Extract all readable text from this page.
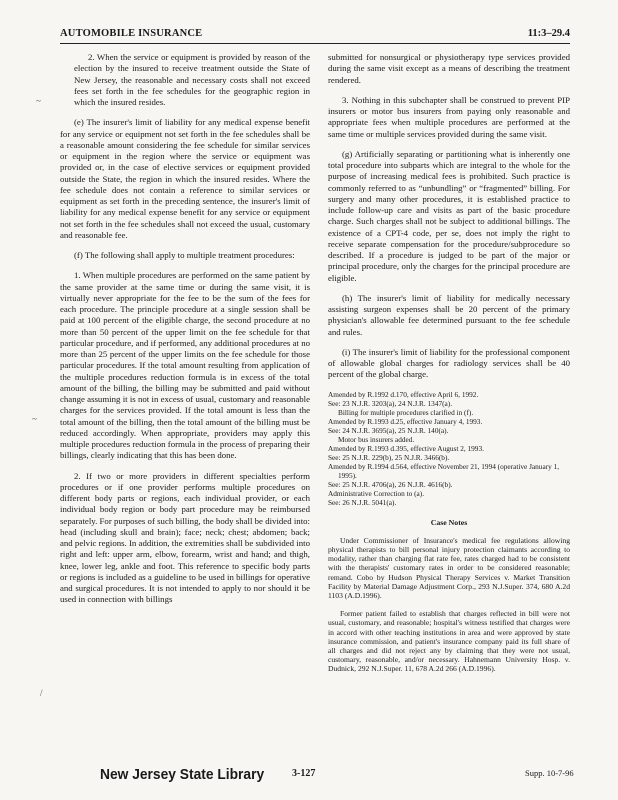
AUTOMOBILE INSURANCE	11:3–29.4
~
~
/

2. When the service or equipment is provided by reason of the election by the insured to receive treatment outside the State of New Jersey, the reasonable and necessary costs shall not exceed fees set forth in the fee schedules for the geographic region in which the insured resides.

(e) The insurer's limit of liability for any medical expense benefit for any service or equipment not set forth in the fee schedules shall be a reasonable amount considering the fee schedule for similar services or equipment in the region where the service or equipment was provided or, in the case of elective services or equipment provided outside the State, the region in which the insured resides. Where the fee schedule does not contain a reference to similar services or equipment as set forth in the preceding sentence, the insurer's limit of liability for any medical expense benefit for any service or equipment not set forth in the fee schedules shall not exceed the usual, customary and reasonable fee.

(f) The following shall apply to multiple treatment procedures:

1. When multiple procedures are performed on the same patient by the same provider at the same time or during the same visit, it is virtually never appropriate for the fee to be the sum of the fees for each procedure. The principle procedure at a single session shall be paid at 100 percent of the eligible charge, the second procedure at no more than 50 percent of the upper limit on the fee schedule for that particular procedure, and if performed, any additional procedures at no more than 25 percent of the upper limits on the fee schedule for those particular procedures. If the total amount resulting from application of the multiple procedures reduction formula is in excess of the total amount of the billing, the billing may be submitted and paid without change assuming it is not in excess of usual, customary and reasonable charges for the services provided. If the total amount is less than the total amount of the billing, then the total amount of the billing must be reduced accordingly. When appropriate, providers may apply this multiple procedures reduction formula in the process of preparing their billings, clearly indicating that this has been done.

2. If two or more providers in different specialties perform procedures or if one provider performs multiple procedures on different body parts or regions, each individual provider, or each individual body region or body part procedure may be reimbursed separately. For purposes of such billing, the body shall be divided into: head (including skull and brain); face; neck; chest; abdomen; back; and pelvic regions. In addition, the extremities shall be subdivided into right and left: upper arm, elbow, forearm, wrist and hand; and thigh, knee, lower leg, ankle and foot. This reference to specific body parts or regions is included as a guideline to be used in billings for operative and surgical procedures. It is not intended to apply to nor should it be used in connection with billings

submitted for nonsurgical or physiotherapy type services provided during the same visit except as a means of describing the treatment rendered.

3. Nothing in this subchapter shall be construed to prevent PIP insurers or motor bus insurers from paying only reasonable and appropriate fees when multiple procedures are performed at the same time or multiple services provided during the same visit.

(g) Artificially separating or partitioning what is inherently one total procedure into subparts which are integral to the whole for the purpose of increasing medical fees is prohibited. Such practice is commonly referred to as “unbundling” or “fragmented” billing. For surgery and many other procedures, it is established practice to include follow-up care and visits as part of the basic procedure charge. Such charges shall not be subject to additional billings. The existence of a CPT-4 code, per se, does not imply the right to receive separate compensation for the procedure/subprocedure so described. If a procedure is judged to be part of the major or principal procedure, only the charges for the principal procedure are eligible.

(h) The insurer's limit of liability for medically necessary assisting surgeon expenses shall be 20 percent of the primary physician's allowable fee determined pursuant to the fee schedule and rules.

(i) The insurer's limit of liability for the professional component of allowable global charges for radiology services shall be 40 percent of the global charge.

Amended by R.1992 d.170, effective April 6, 1992.
See: 23 N.J.R. 3203(a), 24 N.J.R. 1347(a).
Billing for multiple procedures clarified in (f).
Amended by R.1993 d.25, effective January 4, 1993.
See: 24 N.J.R. 3695(a), 25 N.J.R. 140(a).
Motor bus insurers added.
Amended by R.1993 d.395, effective August 2, 1993.
See: 25 N.J.R. 229(b), 25 N.J.R. 3466(b).
Amended by R.1994 d.564, effective November 21, 1994 (operative January 1, 1995).
See: 25 N.J.R. 4706(a), 26 N.J.R. 4616(b).
Administrative Correction to (a).
See: 26 N.J.R. 5041(a).
Case Notes

Under Commissioner of Insurance's medical fee regulations allowing physical therapists to bill personal injury protection claimants according to modality, rather than charging flat rate fee, rates charged had to be consistent with the therapists' customary rates in order to be considered reasonable; remand. Cobo by Hudson Physical Therapy Services v. Market Transition Facility by Material Damage Adjustment Corp., 293 N.J.Super. 374, 680 A.2d 1103 (A.D.1996).

Former patient failed to establish that charges reflected in bill were not usual, customary, and reasonable; hospital's witness testified that charges were in accord with other teaching institutions in area and were approved by state insurance commission, and patient's insurance company paid its full share of all charges and did not reject any by claiming that they were not usual, customary, reasonable, and/or necessary. Hahnemann University Hosp. v. Dudnick, 292 N.J.Super. 11, 678 A.2d 266 (A.D.1996).

New Jersey State Library	3-127	Supp. 10-7-96
